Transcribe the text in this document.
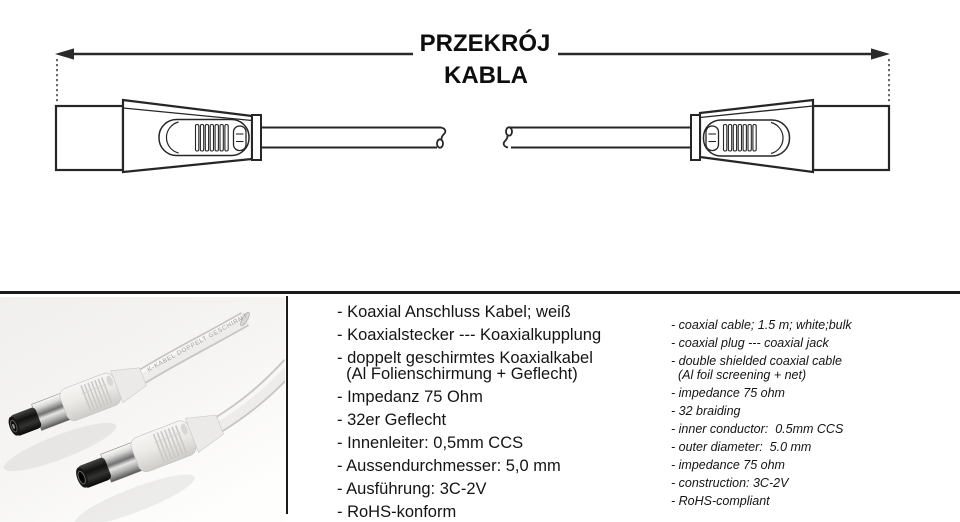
PRZEKRÓJ
KABLA
K-KABEL DOPPELT GESCHIRMT
- Koaxial Anschluss Kabel; weiß
- Koaxialstecker --- Koaxialkupplung
- doppelt geschirmtes Koaxialkabel
(Al Folienschirmung + Geflecht)
- Impedanz 75 Ohm
- 32er Geflecht
- Innenleiter: 0,5mm CCS
- Aussendurchmesser: 5,0 mm
- Ausführung: 3C-2V
- RoHS-konform
- coaxial cable; 1.5 m; white;bulk
- coaxial plug --- coaxial jack
- double shielded coaxial cable
(Al foil screening + net)
- impedance 75 ohm
- 32 braiding
- inner conductor:  0.5mm CCS
- outer diameter:  5.0 mm
- impedance 75 ohm
- construction: 3C-2V
- RoHS-compliant
